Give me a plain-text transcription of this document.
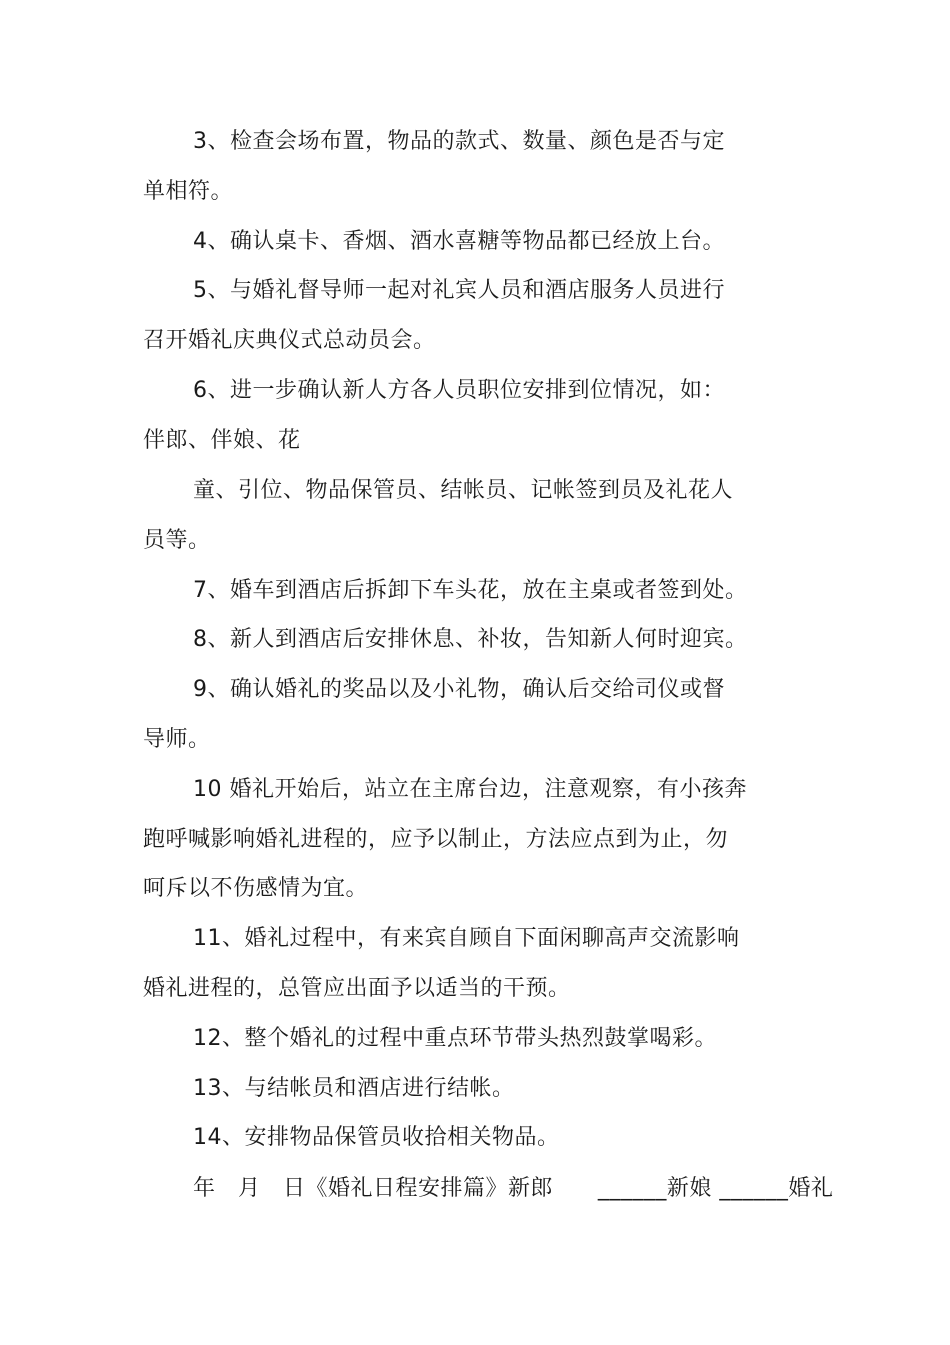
3、检查会场布置，物品的款式、数量、颜色是否与定
单相符。
4、确认桌卡、香烟、酒水喜糖等物品都已经放上台。
5、与婚礼督导师一起对礼宾人员和酒店服务人员进行
召开婚礼庆典仪式总动员会。
6、进一步确认新人方各人员职位安排到位情况，如：
伴郎、伴娘、花
童、引位、物品保管员、结帐员、记帐签到员及礼花人
员等。
7、婚车到酒店后拆卸下车头花，放在主桌或者签到处。
8、新人到酒店后安排休息、补妆，告知新人何时迎宾。
9、确认婚礼的奖品以及小礼物，确认后交给司仪或督
导师。
10 婚礼开始后，站立在主席台边，注意观察，有小孩奔
跑呼喊影响婚礼进程的，应予以制止，方法应点到为止，勿
呵斥以不伤感情为宜。
11、婚礼过程中，有来宾自顾自下面闲聊高声交流影响
婚礼进程的，总管应出面予以适当的干预。
12、整个婚礼的过程中重点环节带头热烈鼓掌喝彩。
13、与结帐员和酒店进行结帐。
14、安排物品保管员收拾相关物品。
年   月   日《婚礼日程安排篇》新郎      ______新娘 ______婚礼
